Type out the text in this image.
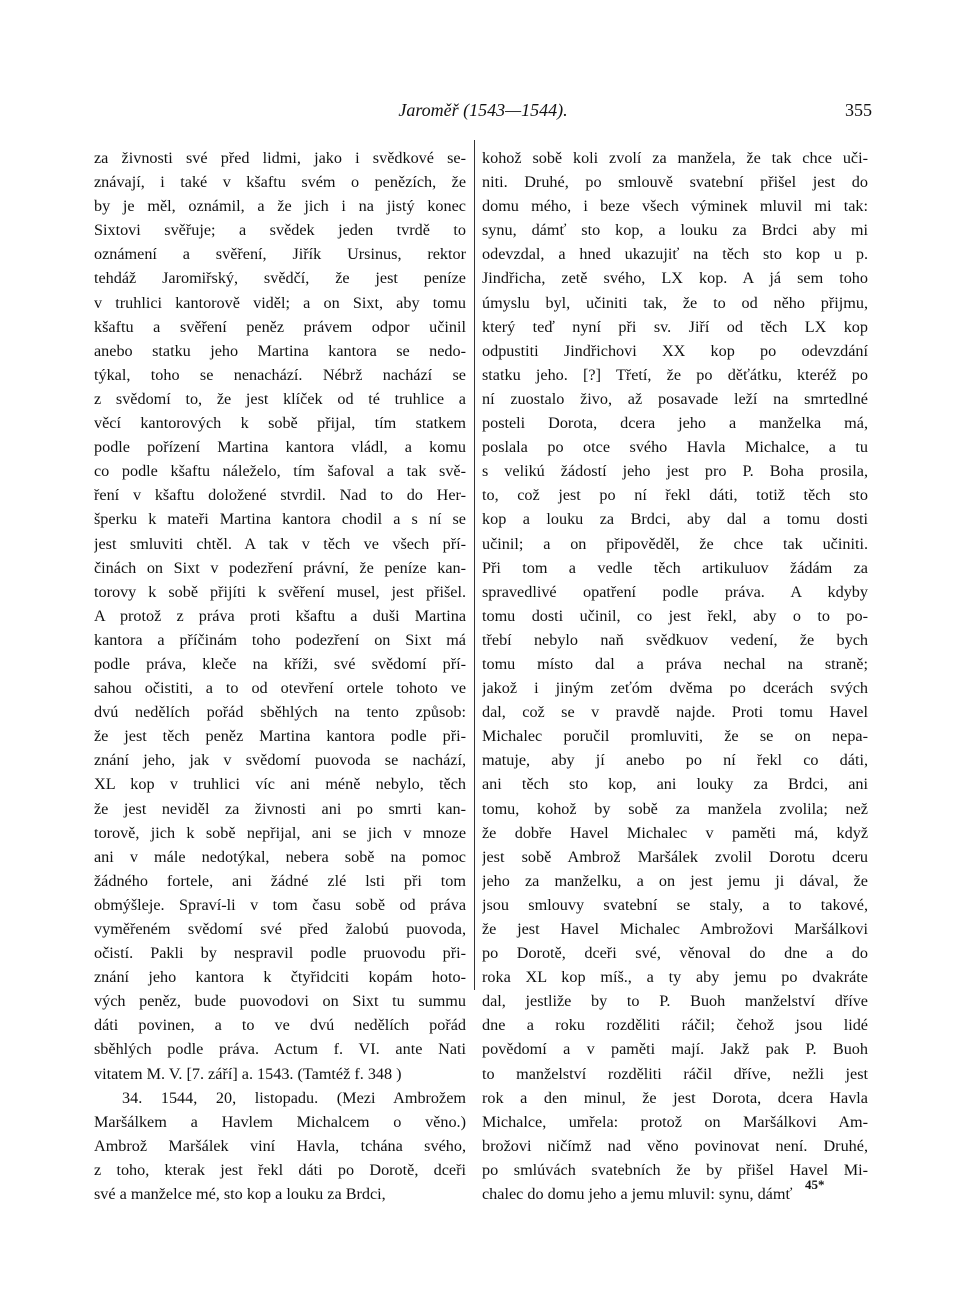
Jaroměř (1543—1544).	355
za živnosti své před lidmi, jako i svědkové se-
znávají, i také v kšaftu svém o penězích, že
by je měl, oznámil, a že jich i na jistý konec
Sixtovi svěřuje; a svědek jeden tvrdě to
oznámení a svěření, Jiřík Ursinus, rektor
tehdáž Jaromiřský, svědčí, že jest peníze
v truhlici kantorově viděl; a on Sixt, aby tomu
kšaftu a svěření peněz právem odpor učinil
anebo statku jeho Martina kantora se nedo-
týkal, toho se nenachází. Nébrž nachází se
z svědomí to, že jest klíček od té truhlice a
věcí kantorových k sobě přijal, tím statkem
podle pořízení Martina kantora vládl, a komu
co podle kšaftu náleželo, tím šafoval a tak svě-
ření v kšaftu doložené stvrdil. Nad to do Her-
šperku k mateři Martina kantora chodil a s ní se
jest smluviti chtěl. A tak v těch ve všech pří-
činách on Sixt v podezření právní, že peníze kan-
torovy k sobě přijíti k svěření musel, jest přišel.
A protož z práva proti kšaftu a duši Martina
kantora a příčinám toho podezření on Sixt má
podle práva, kleče na kříži, své svědomí pří-
sahou očistiti, a to od otevření ortele tohoto ve
dvú nedělích pořád sběhlých na tento způsob:
že jest těch peněz Martina kantora podle při-
znání jeho, jak v svědomí puovoda se nachází,
XL kop v truhlici víc ani méně nebylo, těch
že jest neviděl za živnosti ani po smrti kan-
torově, jich k sobě nepřijal, ani se jich v mnoze
ani v mále nedotýkal, nebera sobě na pomoc
žádného fortele, ani žádné zlé lsti při tom
obmýšleje. Spraví-li v tom času sobě od práva
vyměřeném svědomí své před žalobú puovoda,
očistí. Pakli by nespravil podle pruovodu při-
znání jeho kantora k čtyřidciti kopám hoto-
vých peněz, bude puovodovi on Sixt tu summu
dáti povinen, a to ve dvú nedělích pořád
sběhlých podle práva. Actum f. VI. ante Nati
vitatem M. V. [7. září] a. 1543. (Tamtéž f. 348 )
34. 1544, 20, listopadu. (Mezi Ambrožem
Maršálkem a Havlem Michalcem o věno.)
Ambrož Maršálek viní Havla, tchána svého,
z toho, kterak jest řekl dáti po Dorotě, dceři
své a manželce mé, sto kop a louku za Brdci,
kohož sobě koli zvolí za manžela, že tak chce uči-
niti. Druhé, po smlouvě svatební přišel jest do
domu mého, i beze všech výminek mluvil mi tak:
synu, dámť sto kop, a louku za Brdci aby mi
odevzdal, a hned ukazujiť na těch sto kop u p.
Jindřicha, zetě svého, LX kop. A já sem toho
úmyslu byl, učiniti tak, že to od něho přijmu,
který teď nyní při sv. Jiří od těch LX kop
odpustiti Jindřichovi XX kop po odevzdání
statku jeho. [?] Třetí, že po děťátku, kteréž po
ní zuostalo živo, až posavade leží na smrtedlné
posteli Dorota, dcera jeho a manželka má,
poslala po otce svého Havla Michalce, a tu
s velikú žádostí jeho jest pro P. Boha prosila,
to, což jest po ní řekl dáti, totiž těch sto
kop a louku za Brdci, aby dal a tomu dosti
učinil; a on připověděl, že chce tak učiniti.
Při tom a vedle těch artikuluov žádám za
spravedlivé opatření podle práva. A kdyby
tomu dosti učinil, co jest řekl, aby o to po-
třebí nebylo naň svědkuov vedení, že bych
tomu místo dal a práva nechal na straně;
jakož i jiným zeťóm dvěma po dcerách svých
dal, což se v pravdě najde. Proti tomu Havel
Michalec poručil promluviti, že se on nepa-
matuje, aby jí anebo po ní řekl co dáti,
ani těch sto kop, ani louky za Brdci, ani
tomu, kohož by sobě za manžela zvolila; než
že dobře Havel Michalec v paměti má, když
jest sobě Ambrož Maršálek zvolil Dorotu dceru
jeho za manželku, a on jest jemu ji dával, že
jsou smlouvy svatební se staly, a to takové,
že jest Havel Michalec Ambrožovi Maršálkovi
po Dorotě, dceři své, věnoval do dne a do
roka XL kop míš., a ty aby jemu po dvakráte
dal, jestliže by to P. Buoh manželství dříve
dne a roku rozděliti ráčil; čehož jsou lidé
povědomí a v paměti mají. Jakž pak P. Buoh
to manželství rozděliti ráčil dříve, nežli jest
rok a den minul, že jest Dorota, dcera Havla
Michalce, umřela: protož on Maršálkovi Am-
brožovi ničímž nad věno povinovat není. Druhé,
po smlúvách svatebních že by přišel Havel Mi-
chalec do domu jeho a jemu mluvil: synu, dámť
45*
